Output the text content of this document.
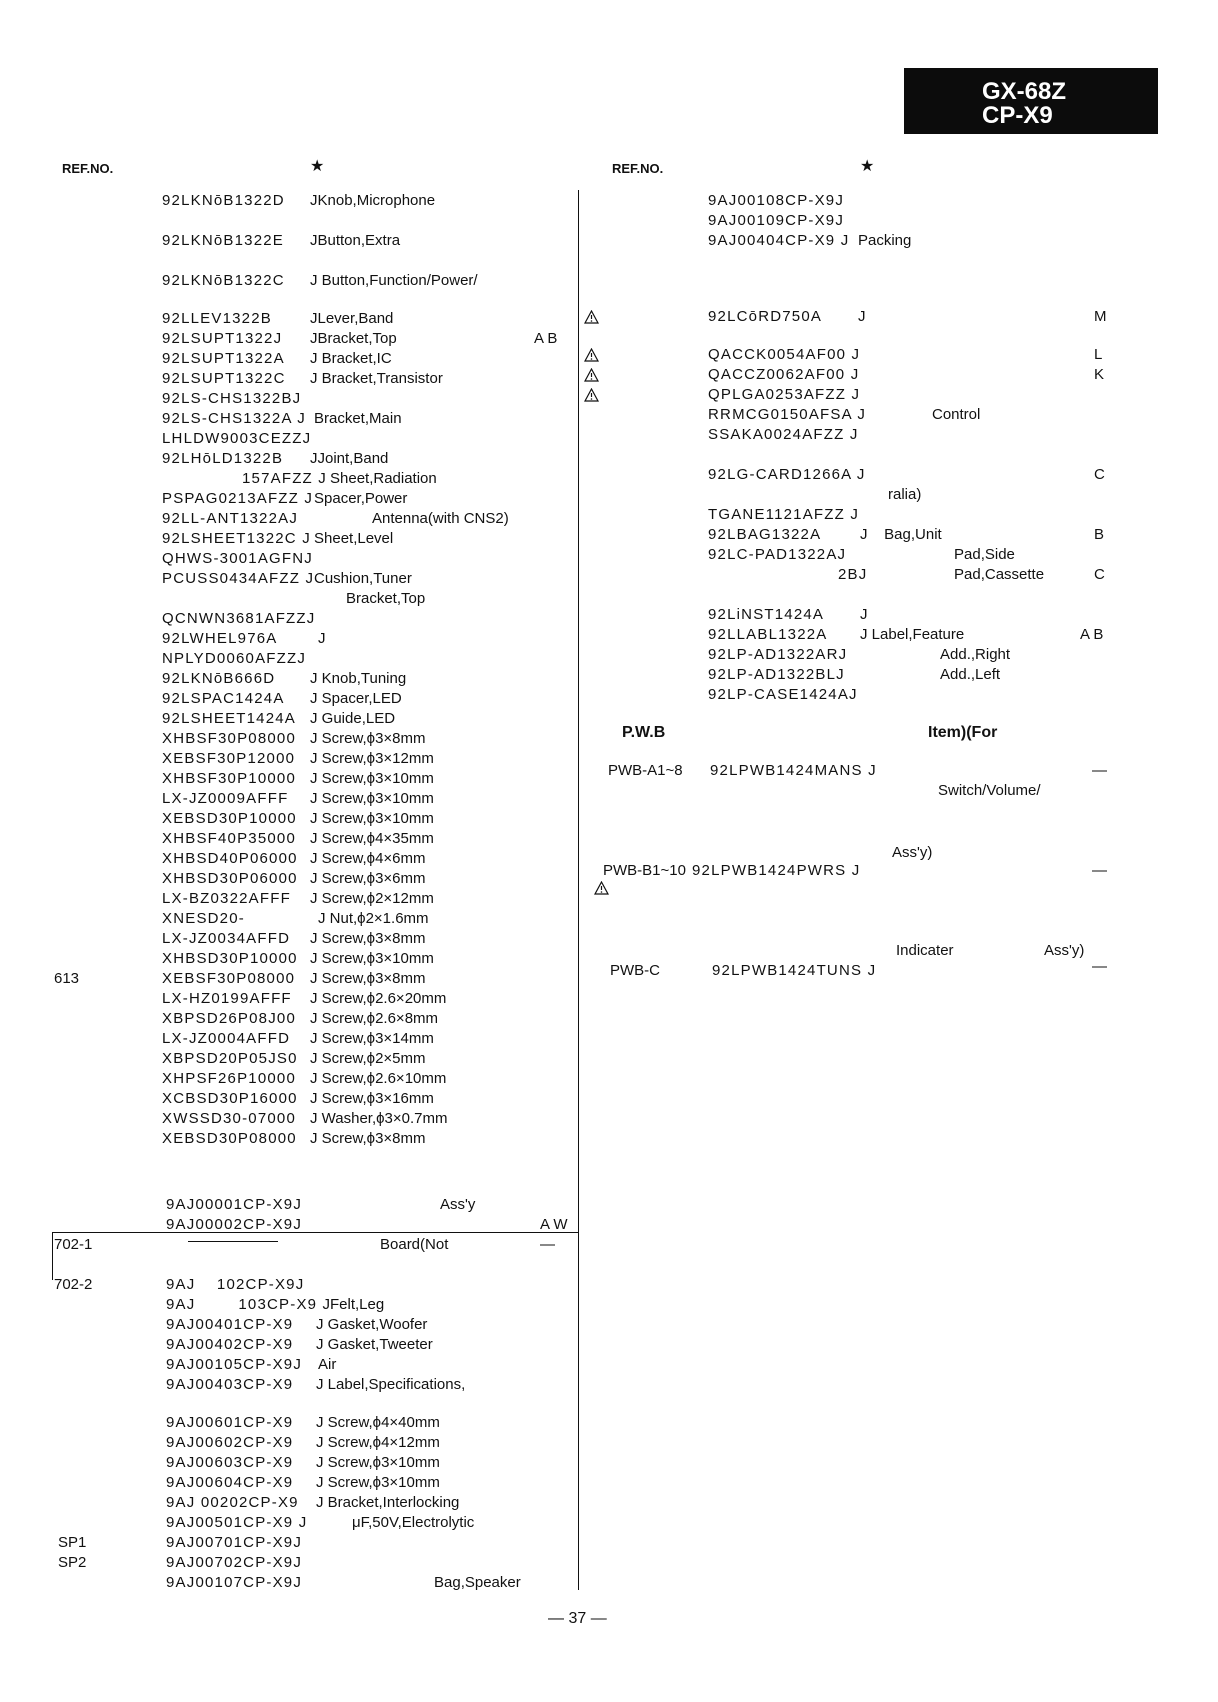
GX-68Z
CP-X9
REF.NO.	★	REF.NO.	★
92LKNōB1322D JKnob,Microphone
92LKNōB1322E JButton,Extra
92LKNōB1322C J Button,Function/Power/
92LLEV1322B	JLever,Band
92LSUPT1322J JBracket,Top	A B
92LSUPT1322A J Bracket,IC
92LSUPT1322C J Bracket,Transistor
92LS-CHS1322BJ
92LS-CHS1322A J Bracket,Main
LHLDW9003CEZZJ
92LHōLD1322B JJoint,Band
157AFZZ J Sheet,Radiation
PSPAG0213AFZZ J Spacer,Power
92LL-ANT1322AJ	Antenna(with CNS2)
92LSHEET1322C J Sheet,Level
QHWS-3001AGFNJ
PCUSS0434AFZZ J Cushion,Tuner
Bracket,Top
QCNWN3681AFZZJ
92LWHEL976A	J
NPLYD0060AFZZJ
92LKNōB666D J Knob,Tuning
92LSPAC1424A J Spacer,LED
92LSHEET1424A J Guide,LED
XHBSF30P08000 J Screw,ϕ3×8mm
XEBSF30P12000 J Screw,ϕ3×12mm
XHBSF30P10000 J Screw,ϕ3×10mm
LX-JZ0009AFFF J Screw,ϕ3×10mm
XEBSD30P10000 J Screw,ϕ3×10mm
XHBSF40P35000 J Screw,ϕ4×35mm
XHBSD40P06000 J Screw,ϕ4×6mm
XHBSD30P06000 J Screw,ϕ3×6mm
LX-BZ0322AFFF J Screw,ϕ2×12mm
XNESD20-	J Nut,ϕ2×1.6mm
LX-JZ0034AFFD J Screw,ϕ3×8mm
XHBSD30P10000 J Screw,ϕ3×10mm
613	XEBSF30P08000 J Screw,ϕ3×8mm
LX-HZ0199AFFF J Screw,ϕ2.6×20mm
XBPSD26P08J00 J Screw,ϕ2.6×8mm
LX-JZ0004AFFD J Screw,ϕ3×14mm
XBPSD20P05JS0 J Screw,ϕ2×5mm
XHPSF26P10000 J Screw,ϕ2.6×10mm
XCBSD30P16000 J Screw,ϕ3×16mm
XWSSD30-07000 J Washer,ϕ3×0.7mm
XEBSD30P08000 J Screw,ϕ3×8mm
9AJ00001CP-X9J	Ass'y
9AJ00002CP-X9J	A W
702-1	Board(Not	—
702-2	9AJ    102CP-X9J
9AJ        103CP-X9 J
Felt,Leg
9AJ00401CP-X9 J Gasket,Woofer
9AJ00402CP-X9 J Gasket,Tweeter
9AJ00105CP-X9J Air
9AJ00403CP-X9 J Label,Specifications,
9AJ00601CP-X9 J Screw,ϕ4×40mm
9AJ00602CP-X9 J Screw,ϕ4×12mm
9AJ00603CP-X9 J Screw,ϕ3×10mm
9AJ00604CP-X9 J Screw,ϕ3×10mm
9AJ 00202CP-X9 J Bracket,Interlocking
9AJ00501CP-X9 J	μF,50V,Electrolytic
SP1	9AJ00701CP-X9J
SP2	9AJ00702CP-X9J
9AJ00107CP-X9J	Bag,Speaker
9AJ00108CP-X9J
9AJ00109CP-X9J
9AJ00404CP-X9 J Packing
92LCōRD750A J	M
QACCK0054AF00 J	L
QACCZ0062AF00 J	K
QPLGA0253AFZZ J
RRMCG0150AFSA J	Control
SSAKA0024AFZZ J
92LG-CARD1266A J	C
ralia)
TGANE1121AFZZ J
92LBAG1322A	J    Bag,Unit	B
92LC-PAD1322AJ	Pad,Side
2BJ	Pad,Cassette	C
92LiNST1424A J
92LLABL1322A J Label,Feature	A B
92LP-AD1322ARJ	Add.,Right
92LP-AD1322BLJ	Add.,Left
92LP-CASE1424AJ
P.W.B	Item)(For
PWB-A1~8 92LPWB1424MANS J	—
Switch/Volume/
Ass'y)

PWB-B1~10 92LPWB1424PWRS J	—
Indicater	Ass'y)
PWB-C	92LPWB1424TUNS J	—
— 37 —
